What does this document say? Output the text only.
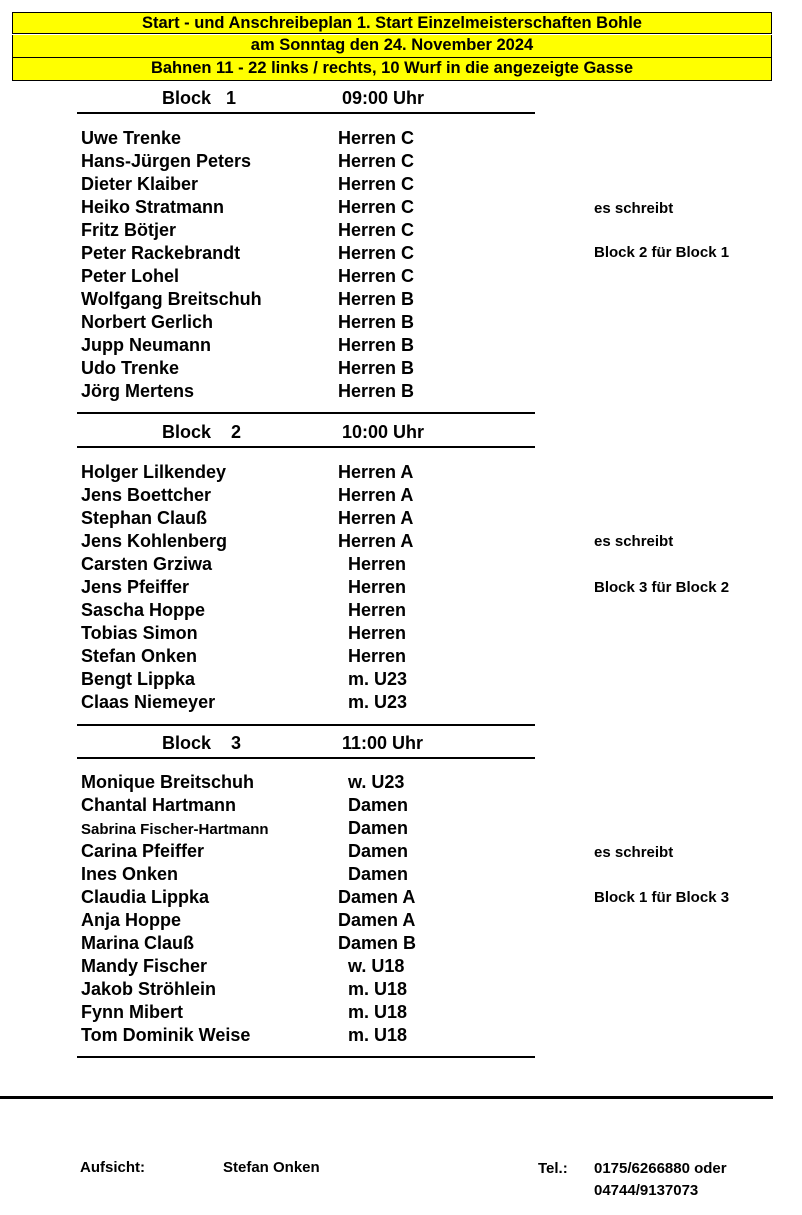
Start - und Anschreibeplan 1. Start Einzelmeisterschaften Bohle
am Sonntag den 24. November 2024
Bahnen 11 - 22 links / rechts, 10 Wurf in die angezeigte Gasse
Block   1	09:00 Uhr
Uwe Trenke	Herren C
Hans-Jürgen Peters	Herren C
Dieter Klaiber	Herren C
Heiko Stratmann	Herren C
Fritz Bötjer	Herren C
Peter Rackebrandt	Herren C
Peter Lohel	Herren C
Wolfgang Breitschuh	Herren B
Norbert Gerlich	Herren B
Jupp Neumann	Herren B
Udo Trenke	Herren B
Jörg Mertens	Herren B
es schreibt
Block 2 für Block 1
Block    2	10:00 Uhr
Holger Lilkendey	Herren A
Jens Boettcher	Herren A
Stephan Clauß	Herren A
Jens Kohlenberg	Herren A
Carsten Grziwa	Herren
Jens Pfeiffer	Herren
Sascha Hoppe	Herren
Tobias Simon	Herren
Stefan Onken	Herren
Bengt Lippka	m. U23
Claas Niemeyer	m. U23
es schreibt
Block 3 für Block 2
Block    3	11:00 Uhr
Monique Breitschuh	w. U23
Chantal Hartmann	Damen
Sabrina Fischer-Hartmann	Damen
Carina Pfeiffer	Damen
Ines Onken	Damen
Claudia Lippka	Damen A
Anja Hoppe	Damen A
Marina Clauß	Damen B
Mandy Fischer	w. U18
Jakob Ströhlein	m. U18
Fynn Mibert	m. U18
Tom Dominik Weise	m. U18
es schreibt
Block 1 für Block 3
Aufsicht:	Stefan Onken	Tel.: 0175/6266880 oder
04744/9137073
